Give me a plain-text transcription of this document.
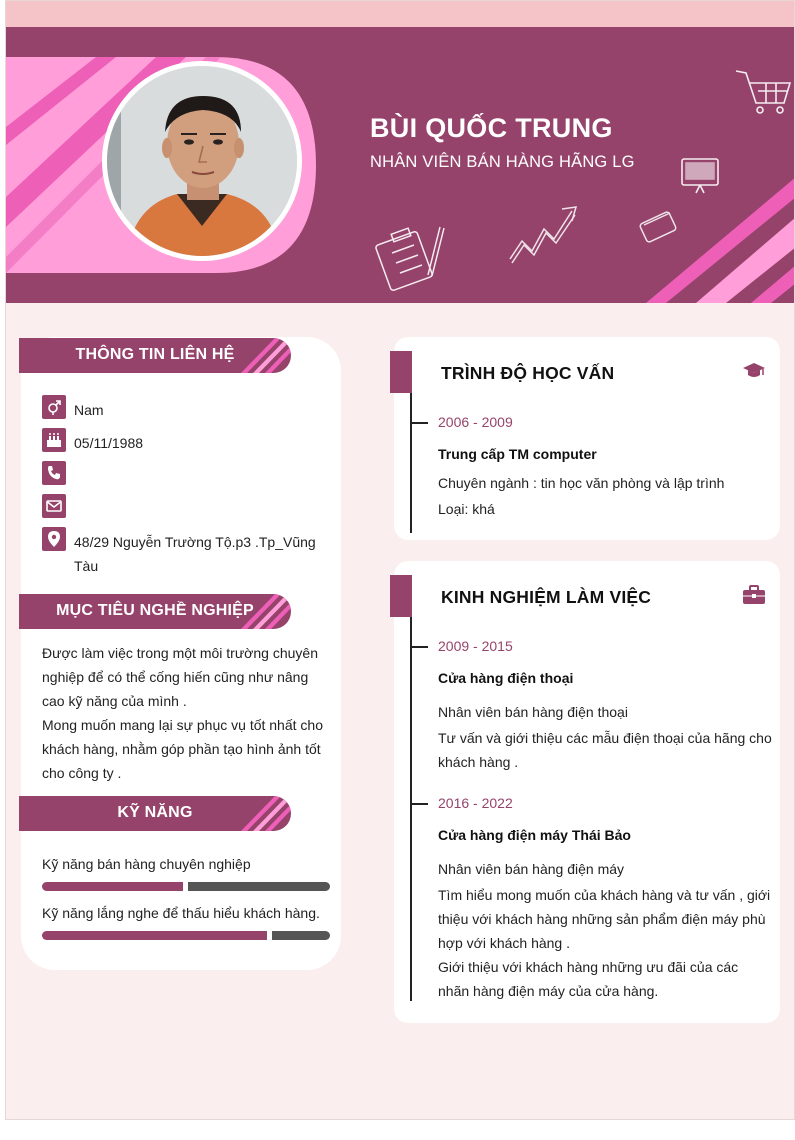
BÙI QUỐC TRUNG
NHÂN VIÊN BÁN HÀNG HÃNG LG
THÔNG TIN LIÊN HỆ
Nam
05/11/1988
48/29 Nguyễn Trường Tộ.p3 .Tp_Vũng Tàu
MỤC TIÊU NGHỀ NGHIỆP
Được làm việc trong một môi trường chuyên nghiệp để có thể cống hiến cũng như nâng cao kỹ năng của mình .
Mong muốn mang lại sự phục vụ tốt nhất cho khách hàng, nhằm góp phần tạo hình ảnh tốt cho công ty .
KỸ NĂNG
Kỹ năng bán hàng chuyên nghiệp
Kỹ năng lắng nghe để thấu hiểu khách hàng.
TRÌNH ĐỘ HỌC VẤN
2006 - 2009
Trung cấp TM computer
Chuyên ngành : tin học văn phòng và lập trình
Loại: khá
KINH NGHIỆM LÀM VIỆC
2009 - 2015
Cửa hàng điện thoại
Nhân viên bán hàng điện thoại
Tư vấn và giới thiệu các mẫu điện thoại của hãng cho khách hàng .
2016 - 2022
Cửa hàng điện máy Thái Bảo
Nhân viên bán hàng điện máy
Tìm hiểu mong muốn của khách hàng và tư vấn , giới thiệu với khách hàng những sản phẩm điện máy phù hợp với khách hàng .
Giới thiệu với khách hàng những ưu đãi của các nhãn hàng điện máy của cửa hàng.
